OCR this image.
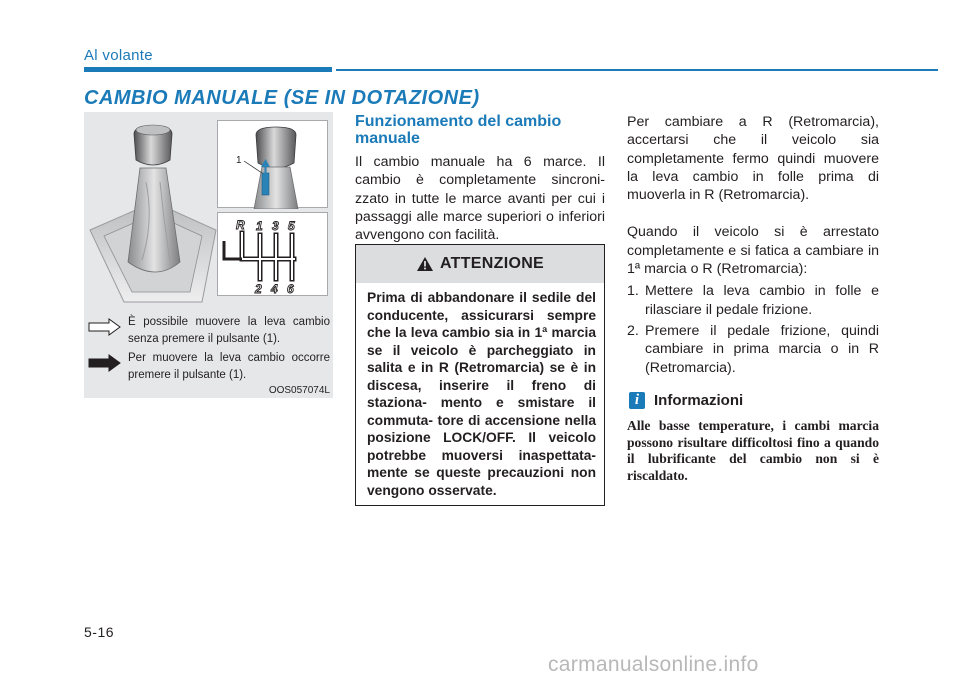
Al volante
CAMBIO MANUALE (SE IN DOTAZIONE)
1
R 1 3 5
2 4 6
È possibile muovere la leva cambio senza premere il pulsante (1).
Per muovere la leva cambio occorre premere il pulsante (1).
OOS057074L
Funzionamento del cambio manuale
Il cambio manuale ha 6 marce. Il cambio è completamente sincroni- zzato in tutte le marce avanti per cui i passaggi alle marce superiori o inferiori avvengono con facilità.
ATTENZIONE
Prima di abbandonare il sedile del conducente, assicurarsi sempre che la leva cambio sia in 1ª marcia se il veicolo è parcheggiato in salita e in R (Retromarcia) se è in discesa, inserire il freno di staziona- mento e smistare il commuta- tore di accensione nella posizione LOCK/OFF. Il veicolo potrebbe muoversi inaspettata- mente se queste precauzioni non vengono osservate.

Per cambiare a R (Retromarcia), accertarsi che il veicolo sia completamente fermo quindi muovere la leva cambio in folle prima di muoverla in R (Retromarcia).

Quando il veicolo si è arrestato completamente e si fatica a cambiare in 1ª marcia o R (Retromarcia):

1. Mettere la leva cambio in folle e rilasciare il pedale frizione.
2. Premere il pedale frizione, quindi cambiare in prima marcia o in R (Retromarcia).
i Informazioni
Alle basse temperature, i cambi marcia possono risultare difficoltosi fino a quando il lubrificante del cambio non si è riscaldato.
5-16
carmanualsonline.info
